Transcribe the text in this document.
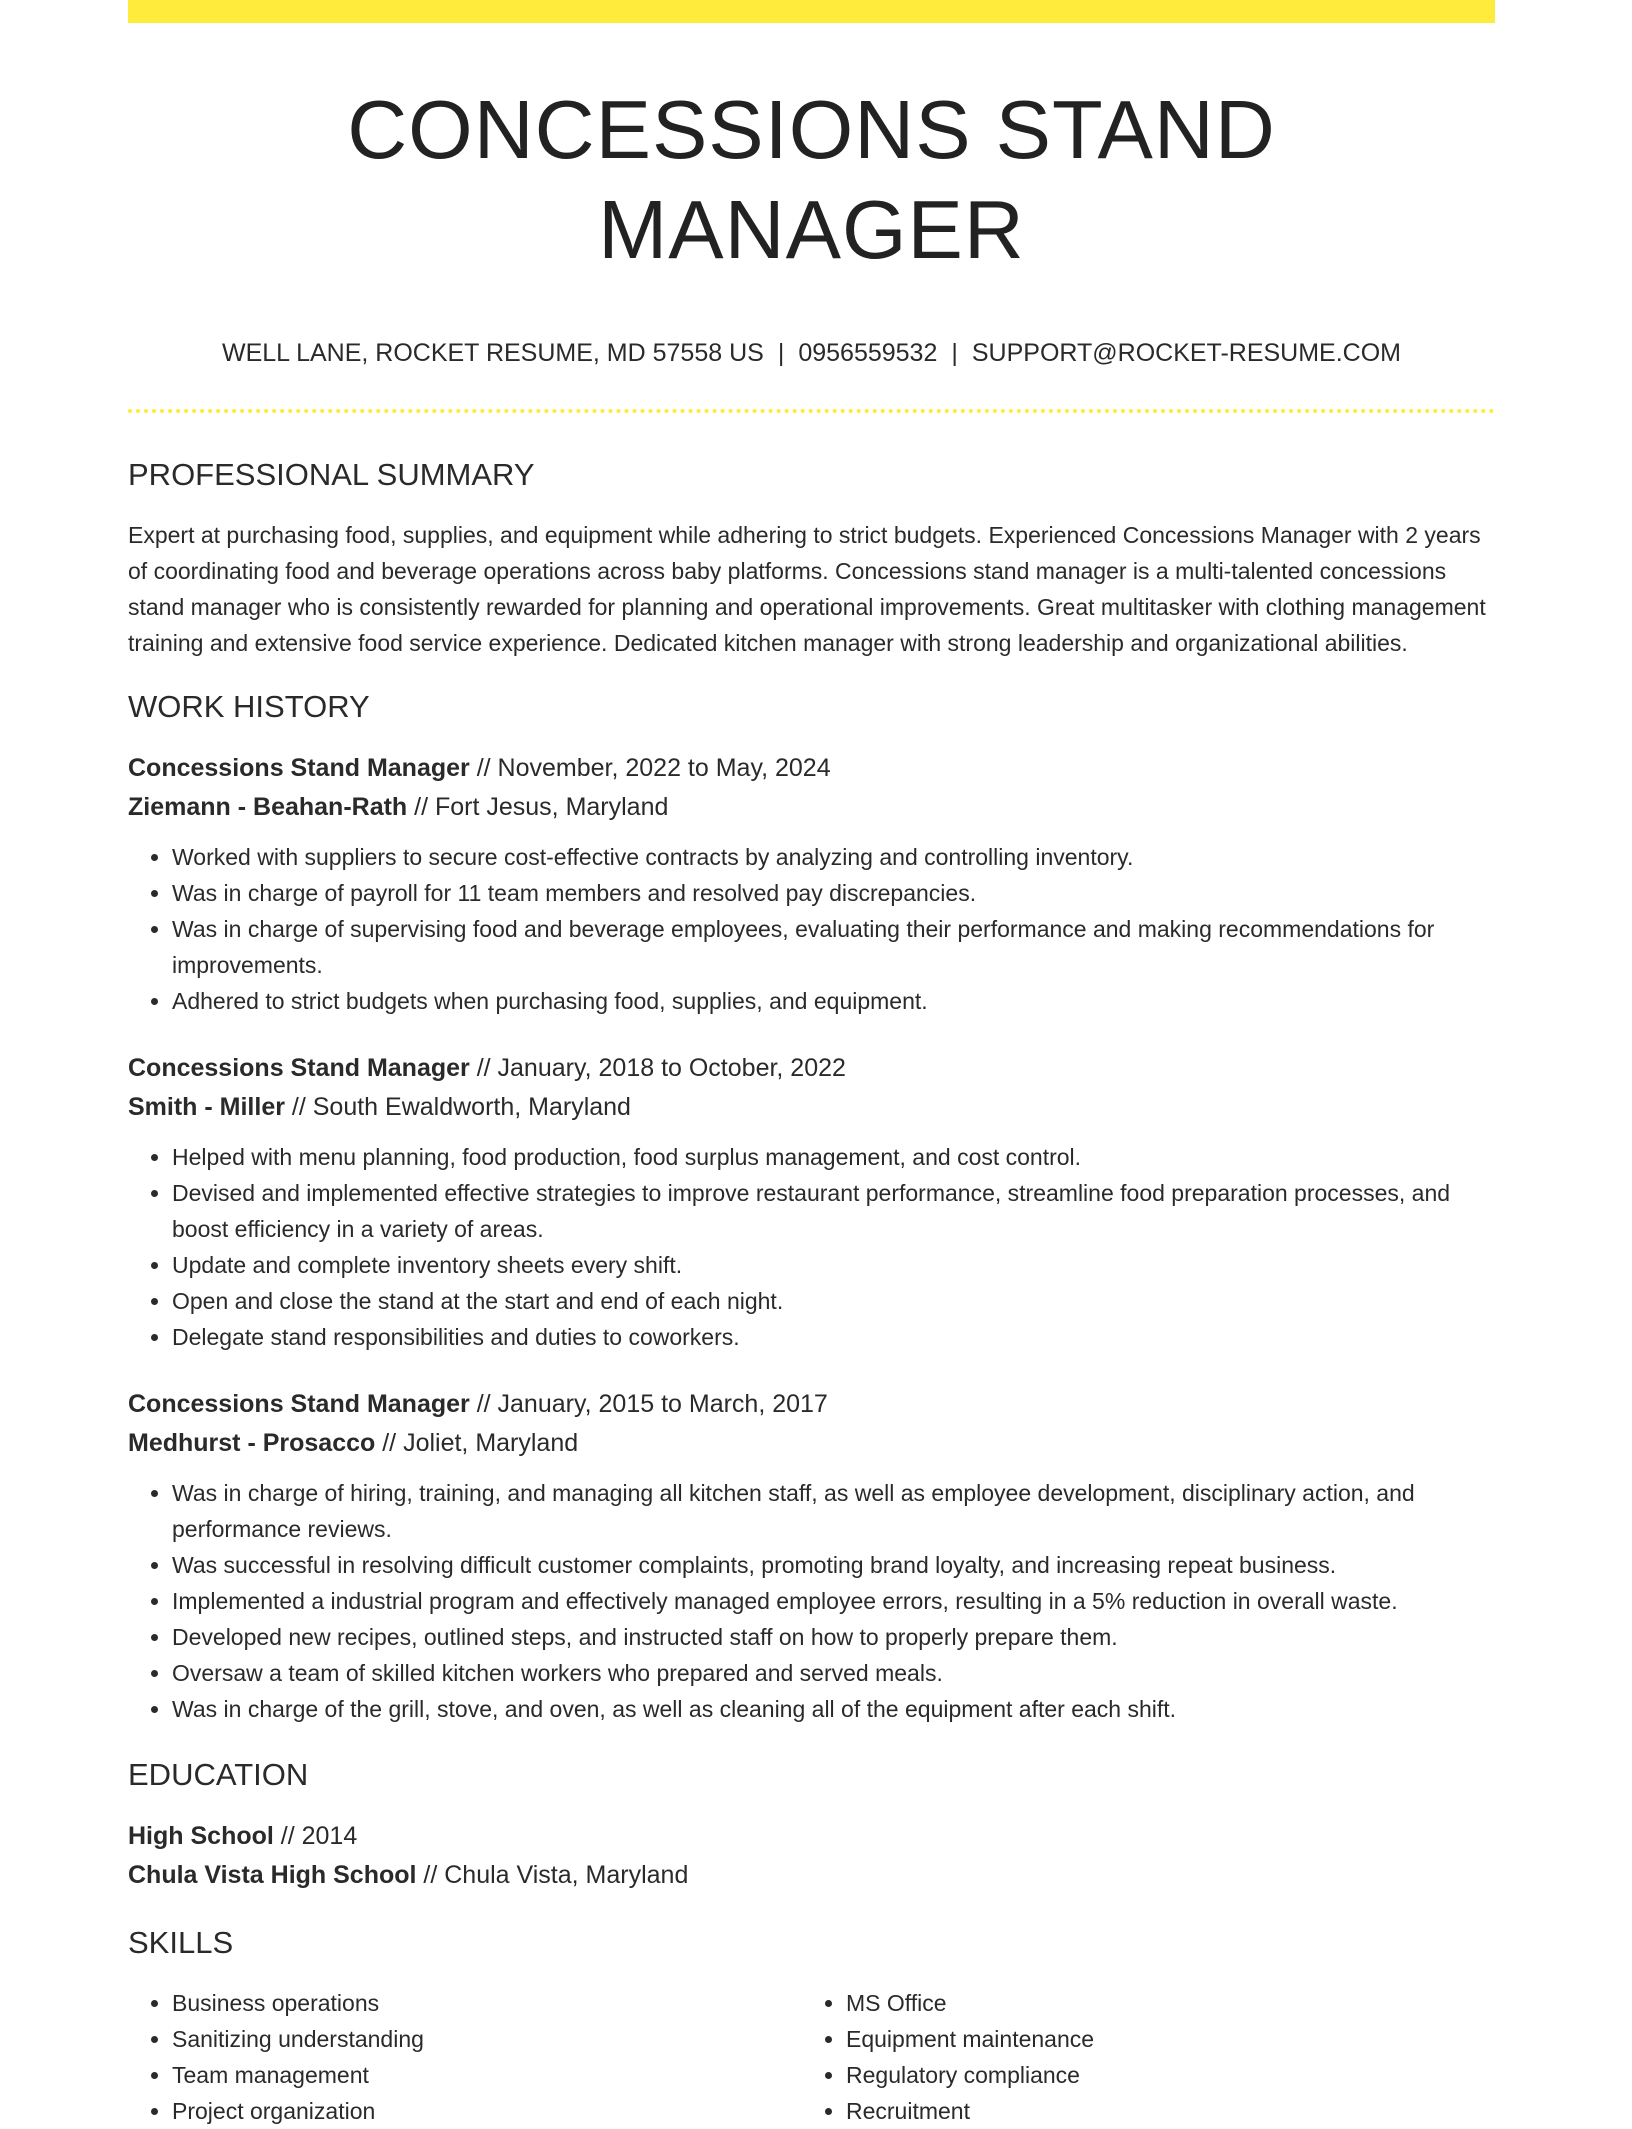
CONCESSIONS STAND MANAGER
WELL LANE, ROCKET RESUME, MD 57558 US | 0956559532 | SUPPORT@ROCKET-RESUME.COM
PROFESSIONAL SUMMARY

Expert at purchasing food, supplies, and equipment while adhering to strict budgets. Experienced Concessions Manager with 2 years of coordinating food and beverage operations across baby platforms. Concessions stand manager is a multi-talented concessions stand manager who is consistently rewarded for planning and operational improvements. Great multitasker with clothing management training and extensive food service experience. Dedicated kitchen manager with strong leadership and organizational abilities.

WORK HISTORY
Concessions Stand Manager // November, 2022 to May, 2024
Ziemann - Beahan-Rath // Fort Jesus, Maryland
• Worked with suppliers to secure cost-effective contracts by analyzing and controlling inventory.
• Was in charge of payroll for 11 team members and resolved pay discrepancies.
• Was in charge of supervising food and beverage employees, evaluating their performance and making recommendations for improvements.
• Adhered to strict budgets when purchasing food, supplies, and equipment.
Concessions Stand Manager // January, 2018 to October, 2022
Smith - Miller // South Ewaldworth, Maryland
• Helped with menu planning, food production, food surplus management, and cost control.
• Devised and implemented effective strategies to improve restaurant performance, streamline food preparation processes, and boost efficiency in a variety of areas.
• Update and complete inventory sheets every shift.
• Open and close the stand at the start and end of each night.
• Delegate stand responsibilities and duties to coworkers.
Concessions Stand Manager // January, 2015 to March, 2017
Medhurst - Prosacco // Joliet, Maryland
• Was in charge of hiring, training, and managing all kitchen staff, as well as employee development, disciplinary action, and performance reviews.
• Was successful in resolving difficult customer complaints, promoting brand loyalty, and increasing repeat business.
• Implemented a industrial program and effectively managed employee errors, resulting in a 5% reduction in overall waste.
• Developed new recipes, outlined steps, and instructed staff on how to properly prepare them.
• Oversaw a team of skilled kitchen workers who prepared and served meals.
• Was in charge of the grill, stove, and oven, as well as cleaning all of the equipment after each shift.
EDUCATION
High School // 2014
Chula Vista High School // Chula Vista, Maryland
SKILLS
• Business operations
• Sanitizing understanding
• Team management
• Project organization
• MS Office
• Equipment maintenance
• Regulatory compliance
• Recruitment
